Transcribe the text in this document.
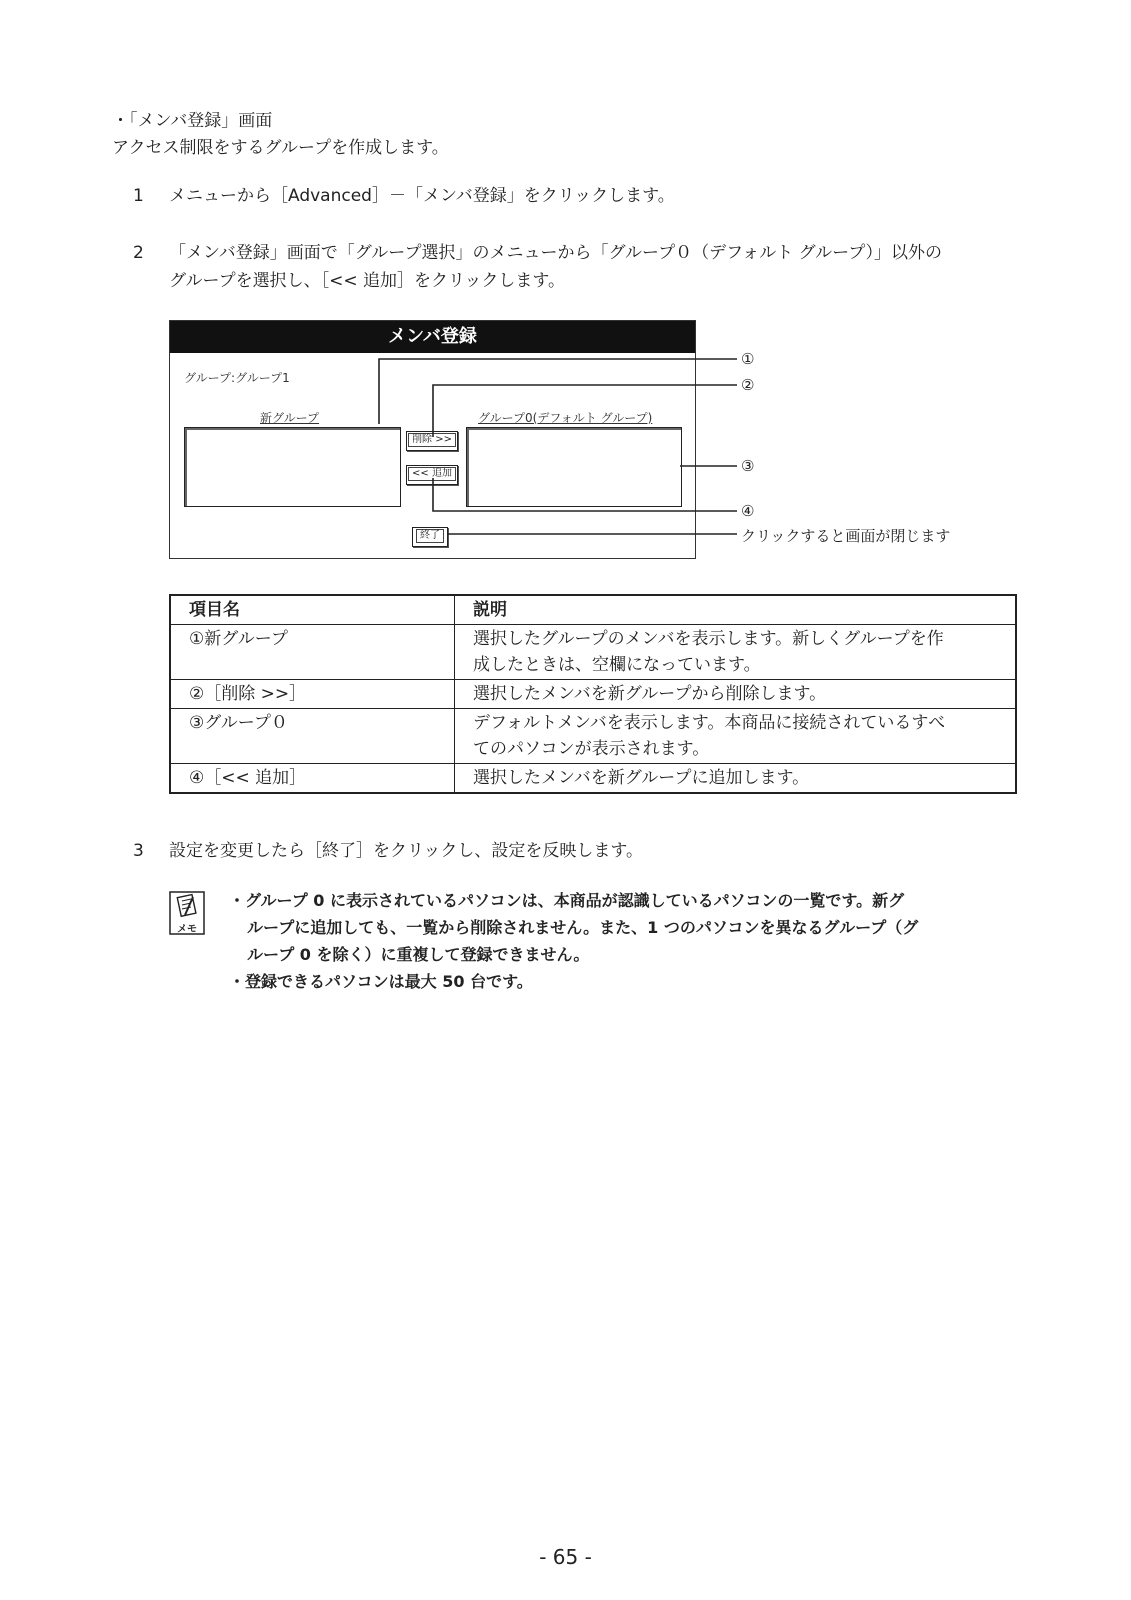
・「メンバ登録」画面
アクセス制限をするグループを作成します。
1 メニューから［Advanced］－「メンバ登録」をクリックします。
2 「メンバ登録」画面で「グループ選択」のメニューから「グループ０（デフォルト グループ）」以外の
グループを選択し、［<< 追加］をクリックします。
メンバ登録
グループ:グループ1
新グループ	グループ0(デフォルト グループ)
削除 >>
<< 追加
終了
①
②
③
④
クリックすると画面が閉じます
項目名	説明
①新グループ	選択したグループのメンバを表示します。新しくグループを作
成したときは、空欄になっています。

②［削除 >>］	選択したメンバを新グループから削除します。
③グループ０	デフォルトメンバを表示します。本商品に接続されているすべ
てのパソコンが表示されます。

④［<< 追加］	選択したメンバを新グループに追加します。
3 設定を変更したら［終了］をクリックし、設定を反映します。
メモ

・グループ 0 に表示されているパソコンは、本商品が認識しているパソコンの一覧です。新グ

ループに追加しても、一覧から削除されません。また、1 つのパソコンを異なるグループ（グ

ループ 0 を除く）に重複して登録できません。

・登録できるパソコンは最大 50 台です。

- 65 -
